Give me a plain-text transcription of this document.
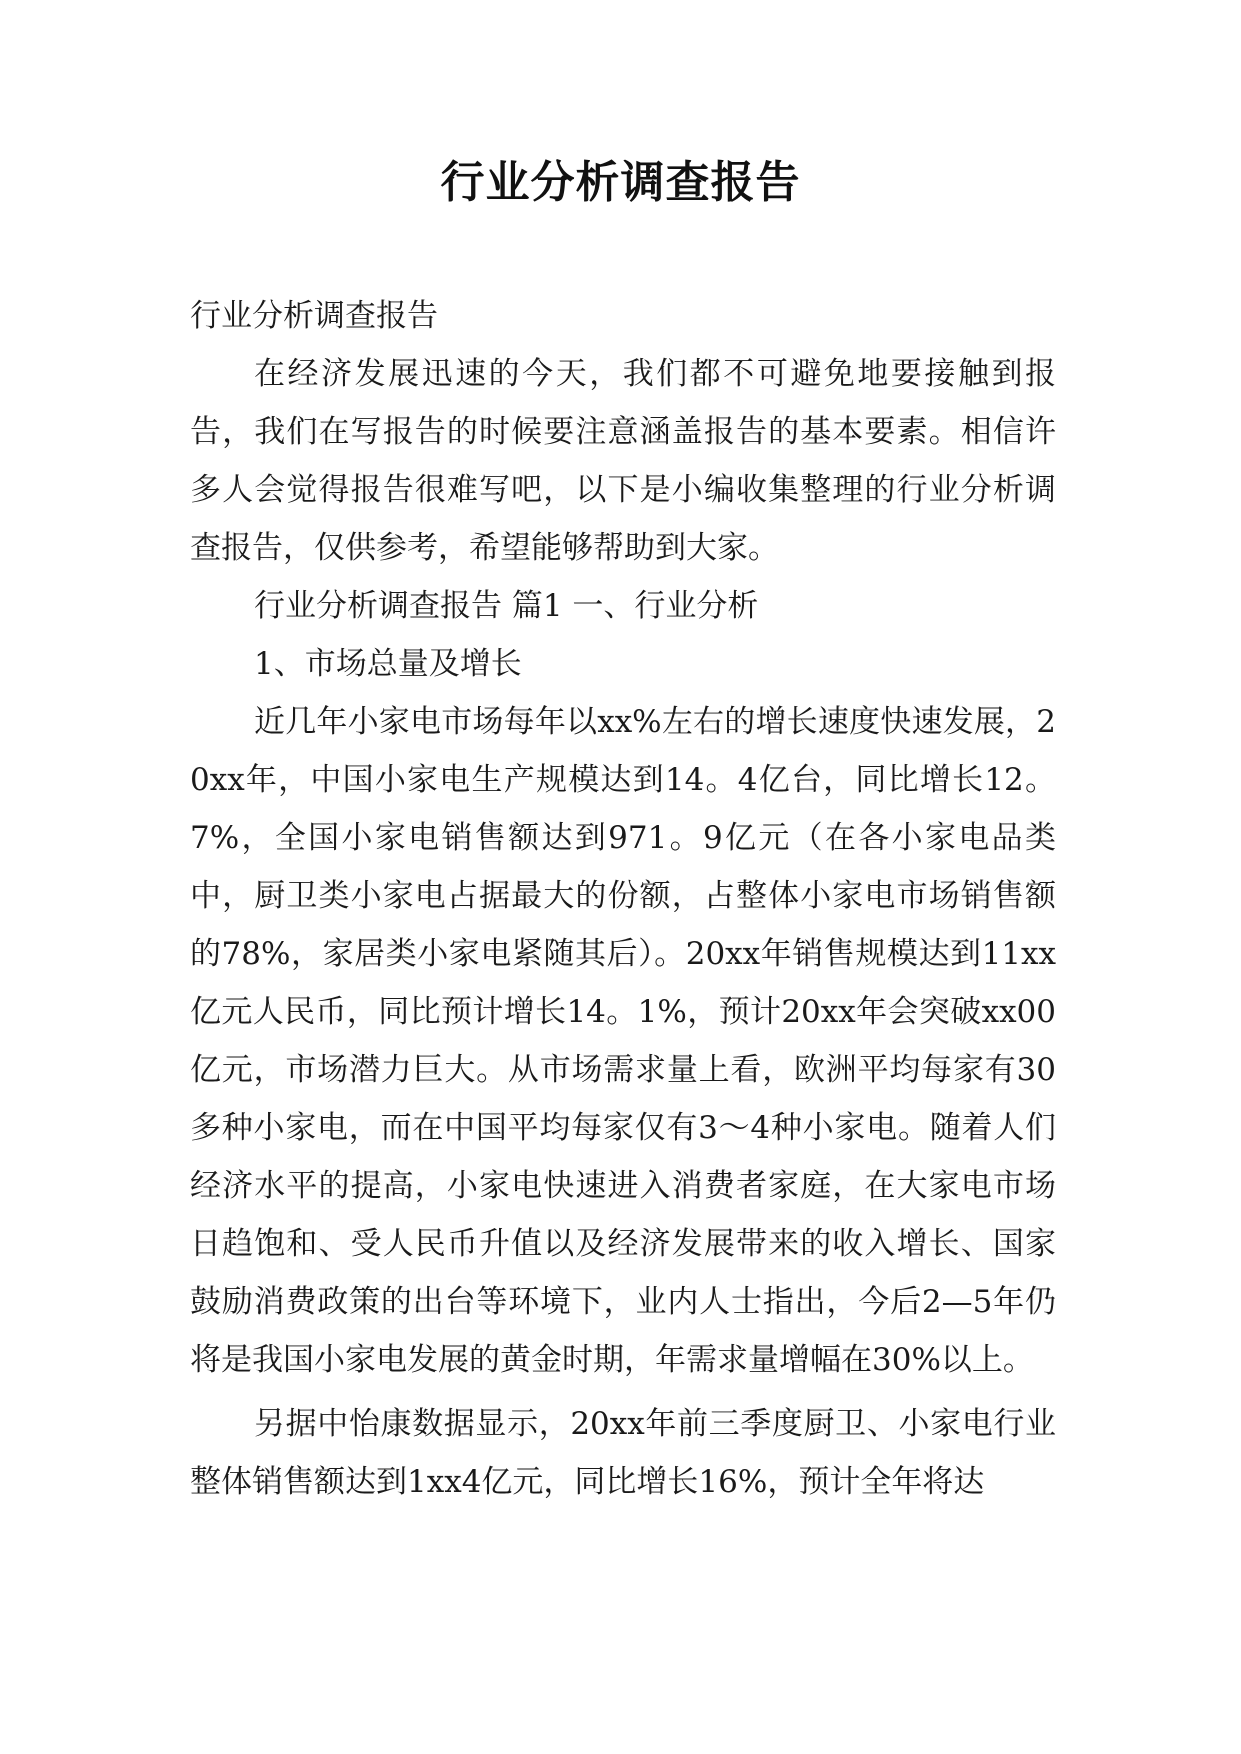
行业分析调查报告

行业分析调查报告

在经济发展迅速的今天，我们都不可避免地要接触到报告，我们在写报告的时候要注意涵盖报告的基本要素。相信许多人会觉得报告很难写吧，以下是小编收集整理的行业分析调查报告，仅供参考，希望能够帮助到大家。

行业分析调查报告 篇1 一、行业分析

1、市场总量及增长

近几年小家电市场每年以xx%左右的增长速度快速发展，20xx年，中国小家电生产规模达到14。4亿台，同比增长12。7%，全国小家电销售额达到971。9亿元（在各小家电品类中，厨卫类小家电占据最大的份额，占整体小家电市场销售额的78%，家居类小家电紧随其后）。20xx年销售规模达到11xx亿元人民币，同比预计增长14。1%，预计20xx年会突破xx00亿元，市场潜力巨大。从市场需求量上看，欧洲平均每家有30多种小家电，而在中国平均每家仅有3～4种小家电。随着人们经济水平的提高，小家电快速进入消费者家庭，在大家电市场日趋饱和、受人民币升值以及经济发展带来的收入增长、国家鼓励消费政策的出台等环境下，业内人士指出，今后2—5年仍将是我国小家电发展的黄金时期，年需求量增幅在30%以上。

另据中怡康数据显示，20xx年前三季度厨卫、小家电行业整体销售额达到1xx4亿元，同比增长16%，预计全年将达
